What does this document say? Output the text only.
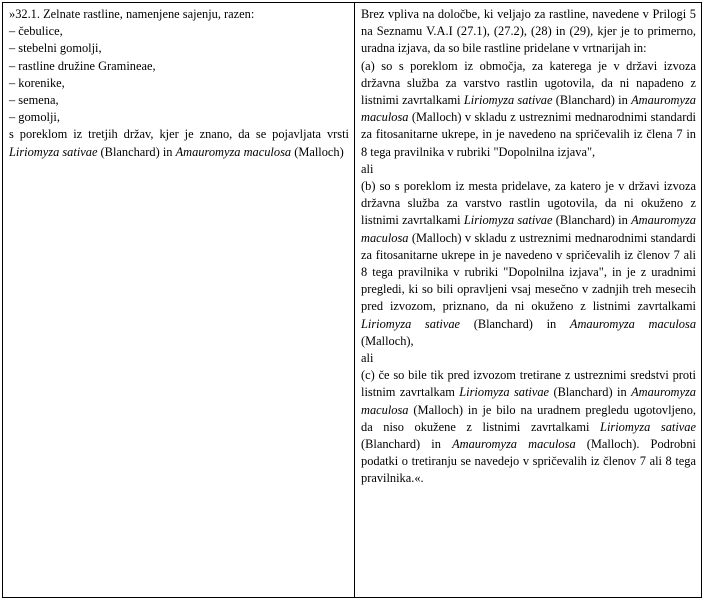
»32.1. Zelnate rastline, namenjene sajenju, razen:

– čebulice,

– stebelni gomolji,

– rastline družine Gramineae,

– korenike,

– semena,

– gomolji,

s poreklom iz tretjih držav, kjer je znano, da se pojavljata vrsti Liriomyza sativae (Blanchard) in Amauromyza maculosa (Malloch)

Brez vpliva na določbe, ki veljajo za rastline, navedene v Prilogi 5 na Seznamu V.A.I (27.1), (27.2), (28) in (29), kjer je to primerno, uradna izjava, da so bile rastline pridelane v vrtnarijah in:

(a) so s poreklom iz območja, za katerega je v državi izvoza državna služba za varstvo rastlin ugotovila, da ni napadeno z listnimi zavrtalkami Liriomyza sativae (Blanchard) in Amauromyza maculosa (Malloch) v skladu z ustreznimi mednarodnimi standardi za fitosanitarne ukrepe, in je navedeno na spričevalih iz člena 7 in 8 tega pravilnika v rubriki "Dopolnilna izjava",

ali

(b) so s poreklom iz mesta pridelave, za katero je v državi izvoza državna služba za varstvo rastlin ugotovila, da ni okuženo z listnimi zavrtalkami Liriomyza sativae (Blanchard) in Amauromyza maculosa (Malloch) v skladu z ustreznimi mednarodnimi standardi za fitosanitarne ukrepe in je navedeno v spričevalih iz členov 7 ali 8 tega pravilnika v rubriki "Dopolnilna izjava", in je z uradnimi pregledi, ki so bili opravljeni vsaj mesečno v zadnjih treh mesecih pred izvozom, priznano, da ni okuženo z listnimi zavrtalkami Liriomyza sativae (Blanchard) in Amauromyza maculosa (Malloch),

ali

(c) če so bile tik pred izvozom tretirane z ustreznimi sredstvi proti listnim zavrtalkam Liriomyza sativae (Blanchard) in Amauromyza maculosa (Malloch) in je bilo na uradnem pregledu ugotovljeno, da niso okužene z listnimi zavrtalkami Liriomyza sativae (Blanchard) in Amauromyza maculosa (Malloch). Podrobni podatki o tretiranju se navedejo v spričevalih iz členov 7 ali 8 tega pravilnika.«.
